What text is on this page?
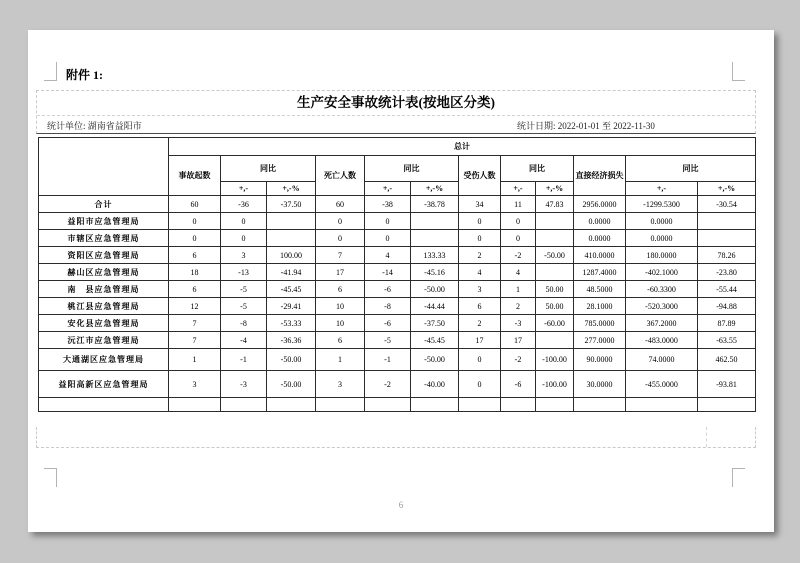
附件 1:
生产安全事故统计表(按地区分类)
统计单位: 湖南省益阳市	统计日期: 2022-01-01 至 2022-11-30
	总计											
	事故起数	同比		死亡人数	同比		受伤人数	同比		直接经济损失	同比	
		+,-	+,-%		+,-	+,-%		+,-	+,-%		+,-	+,-%
合计	60	-36	-37.50	60	-38	-38.78	34	11	47.83	2956.0000	-1299.5300	-30.54
益阳市应急管理局	0	0		0	0		0	0		0.0000	0.0000	
市辖区应急管理局	0	0		0	0		0	0		0.0000	0.0000	
资阳区应急管理局	6	3	100.00	7	4	133.33	2	-2	-50.00	410.0000	180.0000	78.26
赫山区应急管理局	18	-13	-41.94	17	-14	-45.16	4	4		1287.4000	-402.1000	-23.80
南　县应急管理局	6	-5	-45.45	6	-6	-50.00	3	1	50.00	48.5000	-60.3300	-55.44
桃江县应急管理局	12	-5	-29.41	10	-8	-44.44	6	2	50.00	28.1000	-520.3000	-94.88
安化县应急管理局	7	-8	-53.33	10	-6	-37.50	2	-3	-60.00	785.0000	367.2000	87.89
沅江市应急管理局	7	-4	-36.36	6	-5	-45.45	17	17		277.0000	-483.0000	-63.55
大通湖区应急管理局	1	-1	-50.00	1	-1	-50.00	0	-2	-100.00	90.0000	74.0000	462.50
益阳高新区应急管理局	3	-3	-50.00	3	-2	-40.00	0	-6	-100.00	30.0000	-455.0000	-93.81

6
